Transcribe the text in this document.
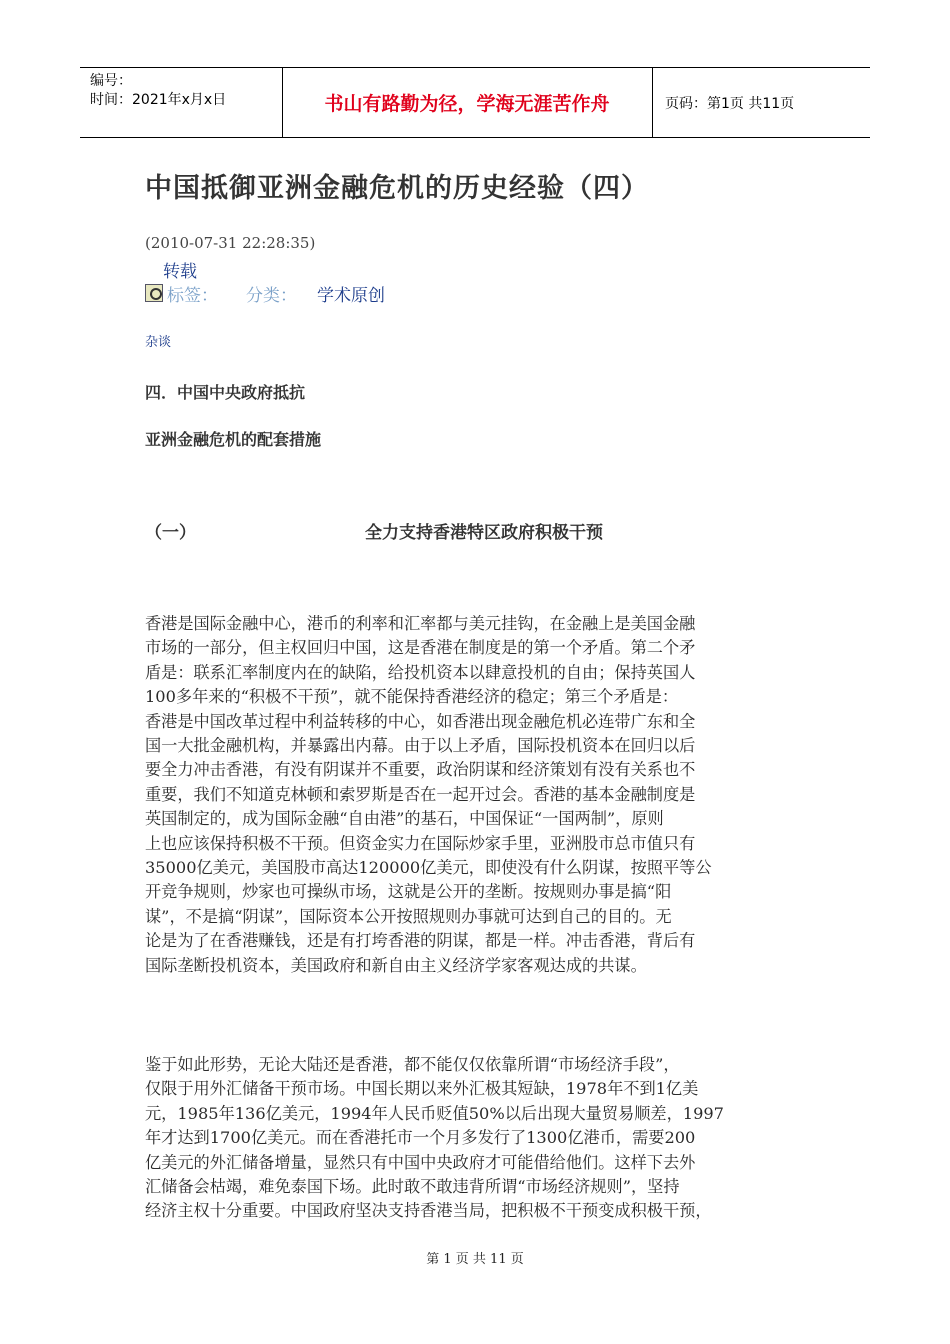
编号：
时间：2021年x月x日	书山有路勤为径，学海无涯苦作舟	页码：第1页 共11页
中国抵御亚洲金融危机的历史经验（四）
(2010-07-31 22:28:35)
转载
标签： 分类： 学术原创
杂谈
四．中国中央政府抵抗
亚洲金融危机的配套措施
（一）	全力支持香港特区政府积极干预
香港是国际金融中心，港币的利率和汇率都与美元挂钩，在金融上是美国金融
市场的一部分，但主权回归中国，这是香港在制度是的第一个矛盾。第二个矛
盾是：联系汇率制度内在的缺陷，给投机资本以肆意投机的自由；保持英国人
100多年来的“积极不干预”，就不能保持香港经济的稳定；第三个矛盾是：
香港是中国改革过程中利益转移的中心，如香港出现金融危机必连带广东和全
国一大批金融机构，并暴露出内幕。由于以上矛盾，国际投机资本在回归以后
要全力冲击香港，有没有阴谋并不重要，政治阴谋和经济策划有没有关系也不
重要，我们不知道克林顿和索罗斯是否在一起开过会。香港的基本金融制度是
英国制定的，成为国际金融“自由港”的基石，中国保证“一国两制”，原则
上也应该保持积极不干预。但资金实力在国际炒家手里，亚洲股市总市值只有
35000亿美元，美国股市高达120000亿美元，即使没有什么阴谋，按照平等公
开竞争规则，炒家也可操纵市场，这就是公开的垄断。按规则办事是搞“阳
谋”，不是搞“阴谋”，国际资本公开按照规则办事就可达到自己的目的。无
论是为了在香港赚钱，还是有打垮香港的阴谋，都是一样。冲击香港，背后有
国际垄断投机资本，美国政府和新自由主义经济学家客观达成的共谋。
鉴于如此形势，无论大陆还是香港，都不能仅仅依靠所谓“市场经济手段”，
仅限于用外汇储备干预市场。中国长期以来外汇极其短缺，1978年不到1亿美
元，1985年136亿美元，1994年人民币贬值50%以后出现大量贸易顺差，1997
年才达到1700亿美元。而在香港托市一个月多发行了1300亿港币，需要200
亿美元的外汇储备增量，显然只有中国中央政府才可能借给他们。这样下去外
汇储备会枯竭，难免泰国下场。此时敢不敢违背所谓“市场经济规则”，坚持
经济主权十分重要。中国政府坚决支持香港当局，把积极不干预变成积极干预，
第 1 页 共 11 页
